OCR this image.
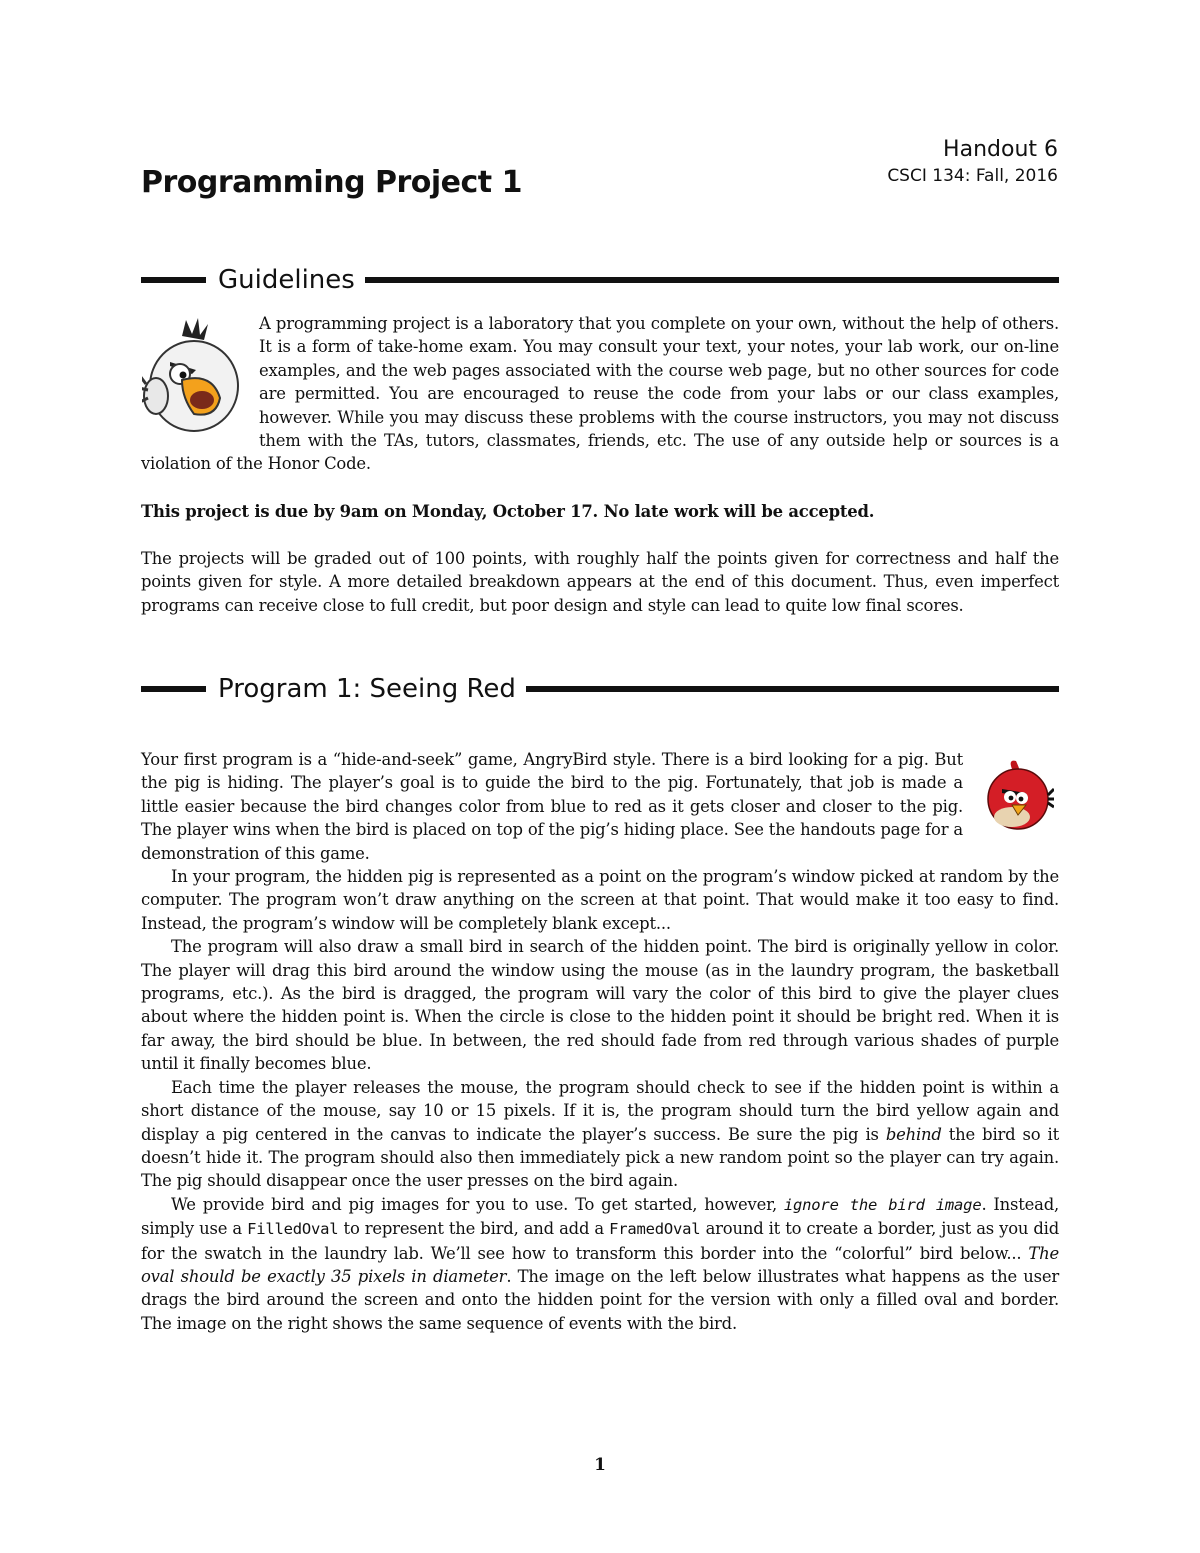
Programming Project 1
Handout 6
CSCI 134: Fall, 2016
Guidelines
A programming project is a laboratory that you complete on your own, without the help of others. It is a form of take-home exam. You may consult your text, your notes, your lab work, our on-line examples, and the web pages associated with the course web page, but no other sources for code are permitted. You are encouraged to reuse the code from your labs or our class examples, however. While you may discuss these problems with the course instructors, you may not discuss them with the TAs, tutors, classmates, friends, etc. The use of any outside help or sources is a violation of the Honor Code.

This project is due by 9am on Monday, October 17. No late work will be accepted.

The projects will be graded out of 100 points, with roughly half the points given for correctness and half the points given for style. A more detailed breakdown appears at the end of this document. Thus, even imperfect programs can receive close to full credit, but poor design and style can lead to quite low final scores.

Program 1: Seeing Red
Your first program is a “hide-and-seek” game, AngryBird style. There is a bird looking for a pig. But the pig is hiding. The player’s goal is to guide the bird to the pig. Fortunately, that job is made a little easier because the bird changes color from blue to red as it gets closer and closer to the pig. The player wins when the bird is placed on top of the pig’s hiding place. See the handouts page for a demonstration of this game.
In your program, the hidden pig is represented as a point on the program’s window picked at random by the computer. The program won’t draw anything on the screen at that point. That would make it too easy to find. Instead, the program’s window will be completely blank except...
The program will also draw a small bird in search of the hidden point. The bird is originally yellow in color. The player will drag this bird around the window using the mouse (as in the laundry program, the basketball programs, etc.). As the bird is dragged, the program will vary the color of this bird to give the player clues about where the hidden point is. When the circle is close to the hidden point it should be bright red. When it is far away, the bird should be blue. In between, the red should fade from red through various shades of purple until it finally becomes blue.
Each time the player releases the mouse, the program should check to see if the hidden point is within a short distance of the mouse, say 10 or 15 pixels. If it is, the program should turn the bird yellow again and display a pig centered in the canvas to indicate the player’s success. Be sure the pig is behind the bird so it doesn’t hide it. The program should also then immediately pick a new random point so the player can try again. The pig should disappear once the user presses on the bird again.
We provide bird and pig images for you to use. To get started, however, ignore the bird image. Instead, simply use a FilledOval to represent the bird, and add a FramedOval around it to create a border, just as you did for the swatch in the laundry lab. We’ll see how to transform this border into the “colorful” bird below... The oval should be exactly 35 pixels in diameter. The image on the left below illustrates what happens as the user drags the bird around the screen and onto the hidden point for the version with only a filled oval and border. The image on the right shows the same sequence of events with the bird.
1
